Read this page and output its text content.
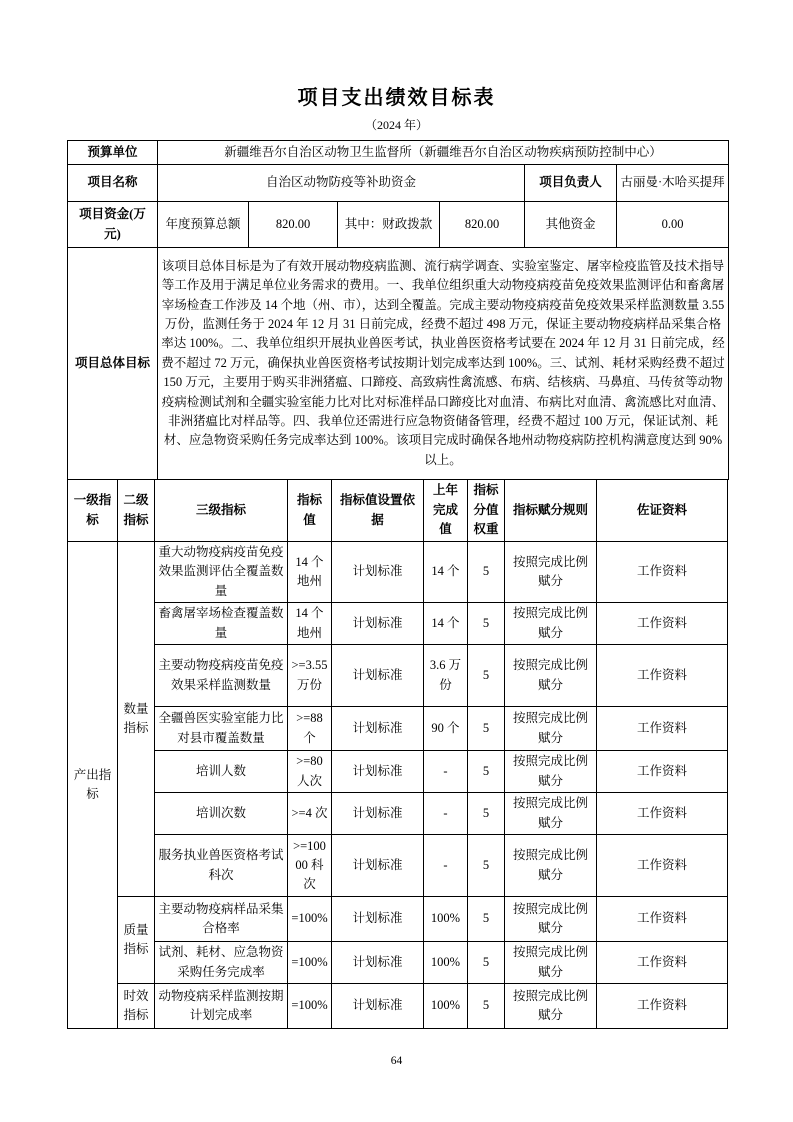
项目支出绩效目标表
（2024 年）
预算单位	新疆维吾尔自治区动物卫生监督所（新疆维吾尔自治区动物疾病预防控制中心）					
项目名称	自治区动物防疫等补助资金				项目负责人	古丽曼·木哈买提拜
项目资金(万元)	年度预算总额	820.00	其中：财政拨款	820.00	其他资金	0.00
项目总体目标	该项目总体目标是为了有效开展动物疫病监测、流行病学调查、实验室鉴定、屠宰检疫监管及技术指导等工作及用于满足单位业务需求的费用。一、我单位组织重大动物疫病疫苗免疫效果监测评估和畜禽屠宰场检查工作涉及 14 个地（州、市），达到全覆盖。完成主要动物疫病疫苗免疫效果采样监测数量 3.55 万份，监测任务于 2024 年 12 月 31 日前完成，经费不超过 498 万元，保证主要动物疫病样品采集合格率达 100%。二、我单位组织开展执业兽医考试，执业兽医资格考试要在 2024 年 12 月 31 日前完成，经费不超过 72 万元，确保执业兽医资格考试按期计划完成率达到 100%。三、试剂、耗材采购经费不超过 150 万元，主要用于购买非洲猪瘟、口蹄疫、高致病性禽流感、布病、结核病、马鼻疽、马传贫等动物疫病检测试剂和全疆实验室能力比对比对标准样品口蹄疫比对血清、布病比对血清、禽流感比对血清、非洲猪瘟比对样品等。四、我单位还需进行应急物资储备管理，经费不超过 100 万元，保证试剂、耗材、应急物资采购任务完成率达到 100%。该项目完成时确保各地州动物疫病防控机构满意度达到 90%以上。					
一级指标	二级指标	三级指标	指标值	指标值设置依据	上年完成值	指标分值权重	指标赋分规则	佐证资料
产出指标	数量指标	重大动物疫病疫苗免疫效果监测评估全覆盖数量	14 个地州	计划标准	14 个	5	按照完成比例赋分	工作资料
		畜禽屠宰场检查覆盖数量	14 个地州	计划标准	14 个	5	按照完成比例赋分	工作资料
		主要动物疫病疫苗免疫效果采样监测数量	>=3.55 万份	计划标准	3.6 万份	5	按照完成比例赋分	工作资料
		全疆兽医实验室能力比对县市覆盖数量	>=88 个	计划标准	90 个	5	按照完成比例赋分	工作资料
		培训人数	>=80 人次	计划标准	-	5	按照完成比例赋分	工作资料
		培训次数	>=4 次	计划标准	-	5	按照完成比例赋分	工作资料
		服务执业兽医资格考试科次	>=10000 科次	计划标准	-	5	按照完成比例赋分	工作资料
	质量指标	主要动物疫病样品采集合格率	=100%	计划标准	100%	5	按照完成比例赋分	工作资料
		试剂、耗材、应急物资采购任务完成率	=100%	计划标准	100%	5	按照完成比例赋分	工作资料
	时效指标	动物疫病采样监测按期计划完成率	=100%	计划标准	100%	5	按照完成比例赋分	工作资料
64
